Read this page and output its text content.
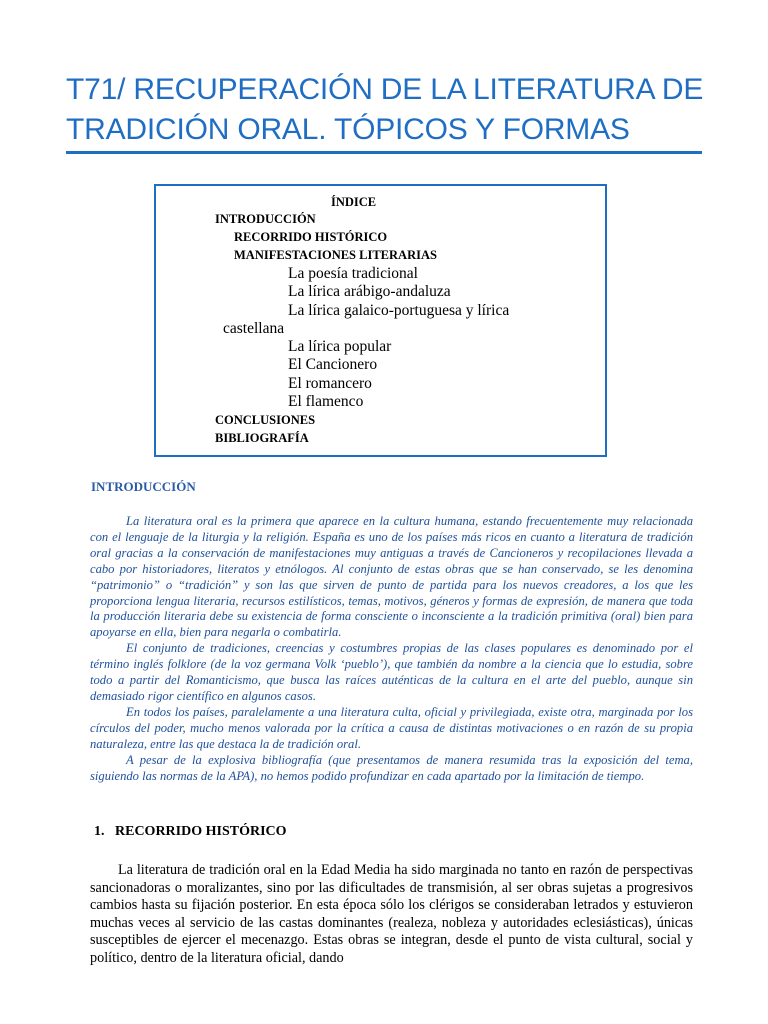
T71/ RECUPERACIÓN DE LA LITERATURA DE TRADICIÓN ORAL. TÓPICOS Y FORMAS
ÍNDICE
INTRODUCCIÓN
RECORRIDO HISTÓRICO
MANIFESTACIONES LITERARIAS
La poesía tradicional
La lírica arábigo-andaluza
La lírica galaico-portuguesa y lírica
castellana
La lírica popular
El Cancionero
El romancero
El flamenco
CONCLUSIONES
BIBLIOGRAFÍA
INTRODUCCIÓN

La literatura oral es la primera que aparece en la cultura humana, estando frecuentemente muy relacionada con el lenguaje de la liturgia y la religión. España es uno de los países más ricos en cuanto a literatura de tradición oral gracias a la conservación de manifestaciones muy antiguas a través de Cancioneros y recopilaciones llevada a cabo por historiadores, literatos y etnólogos. Al conjunto de estas obras que se han conservado, se les denomina “patrimonio” o “tradición” y son las que sirven de punto de partida para los nuevos creadores, a los que les proporciona lengua literaria, recursos estilísticos, temas, motivos, géneros y formas de expresión, de manera que toda la producción literaria debe su existencia de forma consciente o inconsciente a la tradición primitiva (oral) bien para apoyarse en ella, bien para negarla o combatirla.

El conjunto de tradiciones, creencias y costumbres propias de las clases populares es denominado por el término inglés folklore (de la voz germana Volk ‘pueblo’), que también da nombre a la ciencia que lo estudia, sobre todo a partir del Romanticismo, que busca las raíces auténticas de la cultura en el arte del pueblo, aunque sin demasiado rigor científico en algunos casos.

En todos los países, paralelamente a una literatura culta, oficial y privilegiada, existe otra, marginada por los círculos del poder, mucho menos valorada por la crítica a causa de distintas motivaciones o en razón de su propia naturaleza, entre las que destaca la de tradición oral.

A pesar de la explosiva bibliografía (que presentamos de manera resumida tras la exposición del tema, siguiendo las normas de la APA), no hemos podido profundizar en cada apartado por la limitación de tiempo.

1.   RECORRIDO HISTÓRICO

La literatura de tradición oral en la Edad Media ha sido marginada no tanto en razón de perspectivas sancionadoras o moralizantes, sino por las dificultades de transmisión, al ser obras sujetas a progresivos cambios hasta su fijación posterior. En esta época sólo los clérigos se consideraban letrados y estuvieron muchas veces al servicio de las castas dominantes (realeza, nobleza y autoridades eclesiásticas), únicas susceptibles de ejercer el mecenazgo. Estas obras se integran, desde el punto de vista cultural, social y político, dentro de la literatura oficial, dando
